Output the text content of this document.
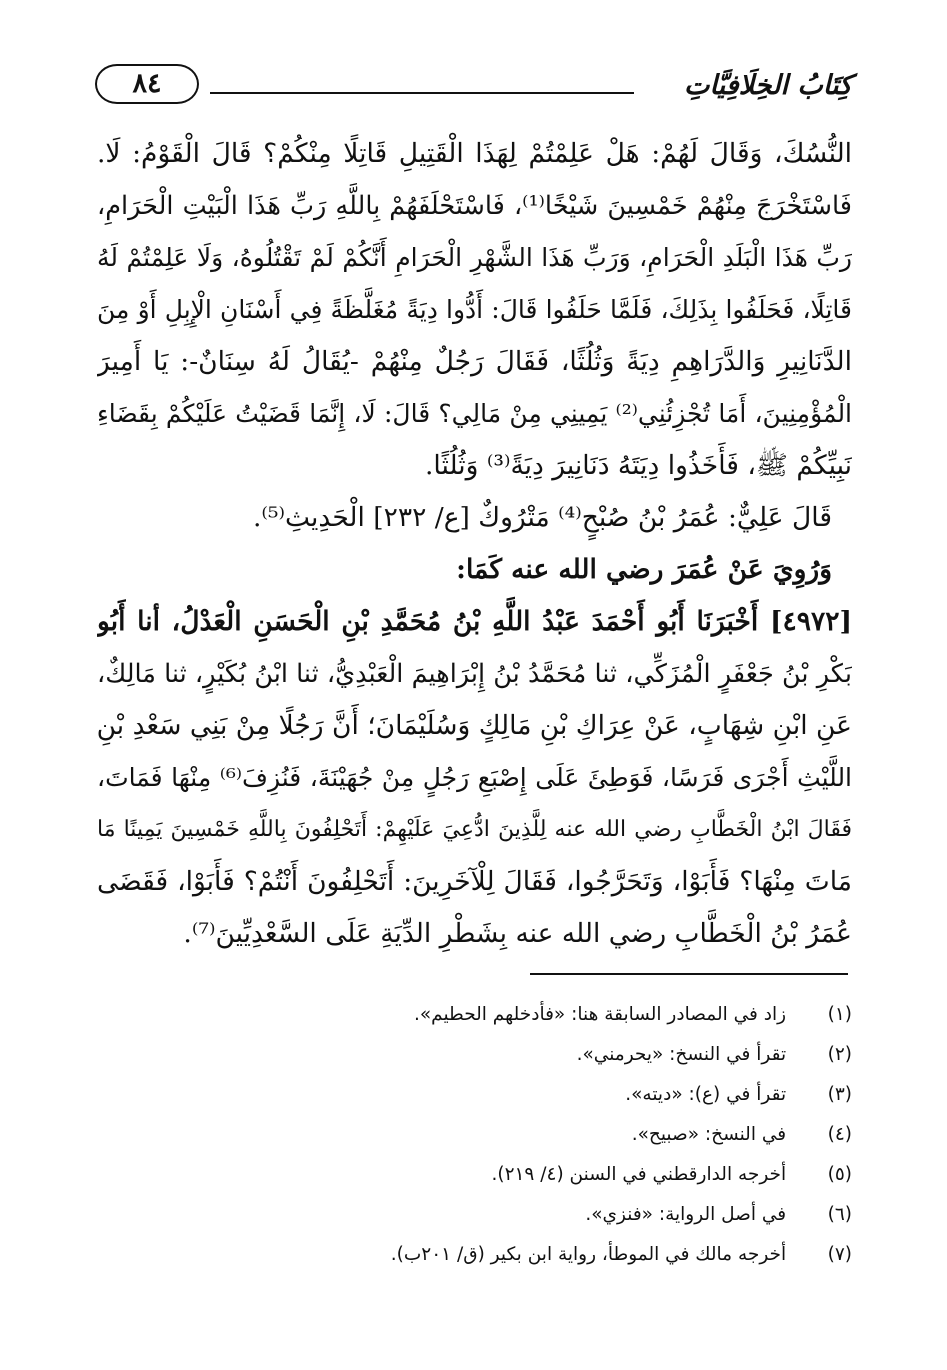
كِتَابُ الخِلَافِيَّاتِ
٨٤
النُّسُكَ، وَقَالَ لَهُمْ: هَلْ عَلِمْتُمْ لِهَذَا الْقَتِيلِ قَاتِلًا مِنْكُمْ؟ قَالَ الْقَوْمُ: لَا.
فَاسْتَخْرَجَ مِنْهُمْ خَمْسِينَ شَيْخًا⁽¹⁾، فَاسْتَحْلَفَهُمْ بِاللَّهِ رَبِّ هَذَا الْبَيْتِ الْحَرَامِ،
رَبِّ هَذَا الْبَلَدِ الْحَرَامِ، وَرَبِّ هَذَا الشَّهْرِ الْحَرَامِ أَنَّكُمْ لَمْ تَقْتُلُوهُ، وَلَا عَلِمْتُمْ لَهُ
قَاتِلًا، فَحَلَفُوا بِذَلِكَ، فَلَمَّا حَلَفُوا قَالَ: أَدُّوا دِيَةً مُغَلَّظَةً فِي أَسْنَانِ الْإِبِلِ أَوْ مِنَ
الدَّنَانِيرِ وَالدَّرَاهِمِ دِيَةً وَثُلُثًا، فَقَالَ رَجُلٌ مِنْهُمْ -يُقَالُ لَهُ سِنَانٌ-: يَا أَمِيرَ
الْمُؤْمِنِينَ، أَمَا تُجْزِئُنِي⁽²⁾ يَمِينِي مِنْ مَالِي؟ قَالَ: لَا، إِنَّمَا قَضَيْتُ عَلَيْكُمْ بِقَضَاءِ
نَبِيِّكُمْ ﷺ، فَأَخَذُوا دِيَتَهُ دَنَانِيرَ دِيَةً⁽³⁾ وَثُلُثًا.
قَالَ عَلِيٌّ: عُمَرُ بْنُ صُبْحٍ⁽⁴⁾ مَتْرُوكٌ [ع/ ٢٣٢] الْحَدِيثِ⁽⁵⁾.
وَرُوِيَ عَنْ عُمَرَ رضي الله عنه كَمَا:
[٤٩٧٢] أَخْبَرَنَا أَبُو أَحْمَدَ عَبْدُ اللَّهِ بْنُ مُحَمَّدِ بْنِ الْحَسَنِ الْعَدْلُ، أنا أَبُو
بَكْرِ بْنُ جَعْفَرٍ الْمُزَكِّي، ثنا مُحَمَّدُ بْنُ إِبْرَاهِيمَ الْعَبْدِيُّ، ثنا ابْنُ بُكَيْرٍ، ثنا مَالِكٌ،
عَنِ ابْنِ شِهَابٍ، عَنْ عِرَاكِ بْنِ مَالِكٍ وَسُلَيْمَانَ؛ أَنَّ رَجُلًا مِنْ بَنِي سَعْدِ بْنِ
اللَّيْثِ أَجْرَى فَرَسًا، فَوَطِئَ عَلَى إِصْبَعِ رَجُلٍ مِنْ جُهَيْنَةَ، فَنُزِفَ⁽⁶⁾ مِنْهَا فَمَاتَ،
فَقَالَ ابْنُ الْخَطَّابِ رضي الله عنه لِلَّذِينَ ادُّعِيَ عَلَيْهِمْ: أَتَحْلِفُونَ بِاللَّهِ خَمْسِينَ يَمِينًا مَا
مَاتَ مِنْهَا؟ فَأَبَوْا، وَتَحَرَّجُوا، فَقَالَ لِلْآخَرِينَ: أَتَحْلِفُونَ أَنْتُمْ؟ فَأَبَوْا، فَقَضَى
عُمَرُ بْنُ الْخَطَّابِ رضي الله عنه بِشَطْرِ الدِّيَةِ عَلَى السَّعْدِيِّينَ⁽⁷⁾.
(١) زاد في المصادر السابقة هنا: «فأدخلهم الحطيم».
(٢) تقرأ في النسخ: «يحرمني».
(٣) تقرأ في (ع): «ديته».
(٤) في النسخ: «صبيح».
(٥) أخرجه الدارقطني في السنن (٤/ ٢١٩).
(٦) في أصل الرواية: «فنزي».
(٧) أخرجه مالك في الموطأ، رواية ابن بكير (ق/ ٢٠١ب).
